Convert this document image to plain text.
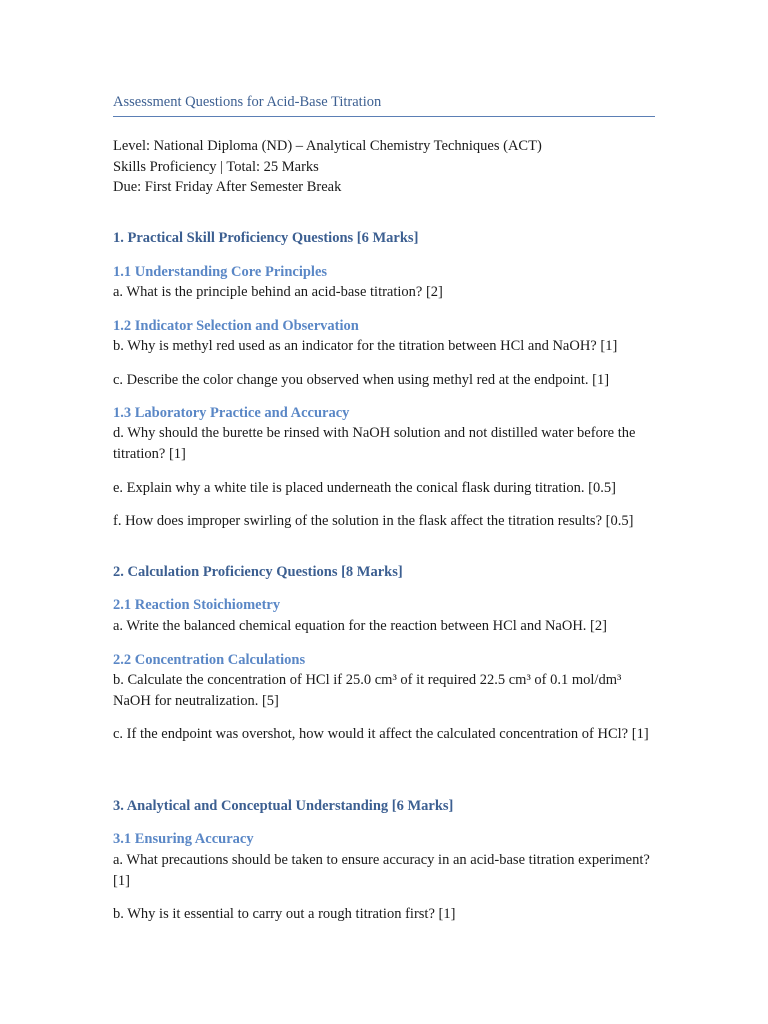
Assessment Questions for Acid-Base Titration
Level: National Diploma (ND) – Analytical Chemistry Techniques (ACT)
Skills Proficiency | Total: 25 Marks
Due: First Friday After Semester Break
1. Practical Skill Proficiency Questions [6 Marks]
1.1 Understanding Core Principles
a. What is the principle behind an acid-base titration? [2]
1.2 Indicator Selection and Observation
b. Why is methyl red used as an indicator for the titration between HCl and NaOH? [1]
c. Describe the color change you observed when using methyl red at the endpoint. [1]
1.3 Laboratory Practice and Accuracy
d. Why should the burette be rinsed with NaOH solution and not distilled water before the titration? [1]
e. Explain why a white tile is placed underneath the conical flask during titration. [0.5]
f. How does improper swirling of the solution in the flask affect the titration results? [0.5]
2. Calculation Proficiency Questions [8 Marks]
2.1 Reaction Stoichiometry
a. Write the balanced chemical equation for the reaction between HCl and NaOH. [2]
2.2 Concentration Calculations
b. Calculate the concentration of HCl if 25.0 cm³ of it required 22.5 cm³ of 0.1 mol/dm³ NaOH for neutralization. [5]
c. If the endpoint was overshot, how would it affect the calculated concentration of HCl? [1]
3. Analytical and Conceptual Understanding [6 Marks]
3.1 Ensuring Accuracy
a. What precautions should be taken to ensure accuracy in an acid-base titration experiment? [1]
b. Why is it essential to carry out a rough titration first? [1]
